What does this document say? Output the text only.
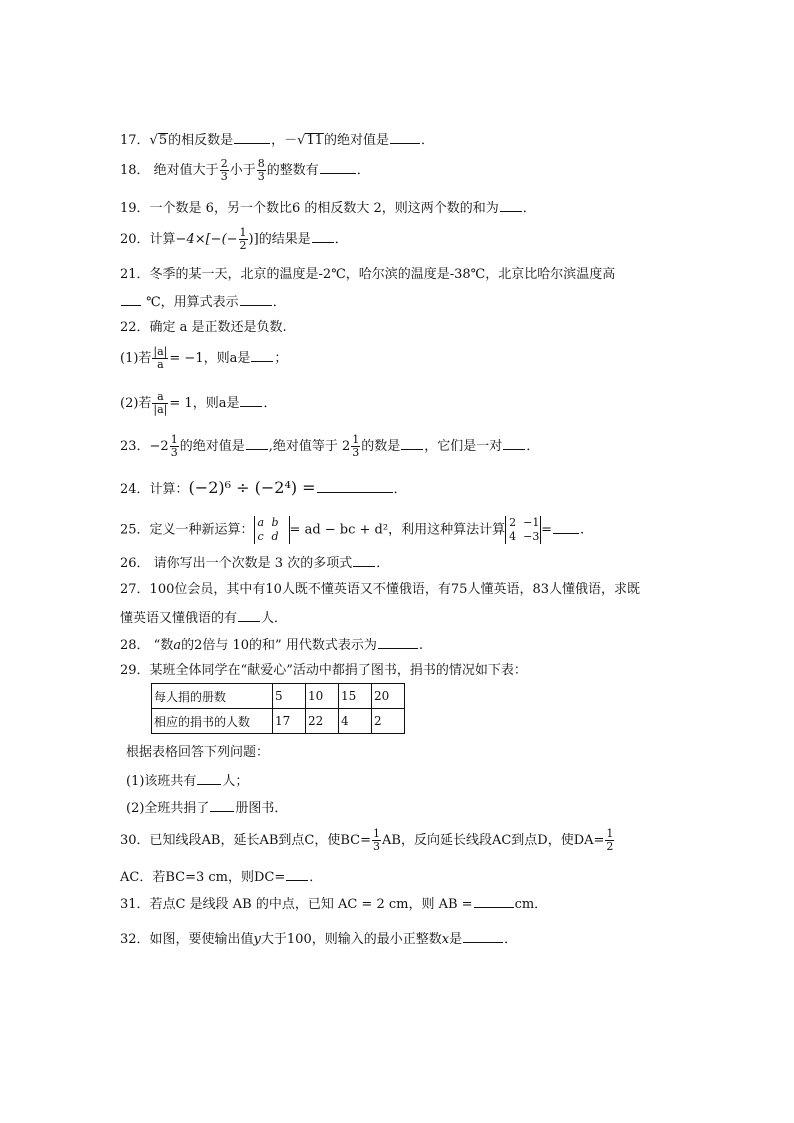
17．√5的相反数是	，－√11的绝对值是 ．
18． 绝对值大于 $\frac{2}{3}$ 小于 $\frac{8}{3}$ 的整数有	．
19．一个数是 6，另一个数比6 的相反数大 2，则这两个数的和为 ．
20．计算$-4\times[-(- \frac{1}{2}$ )]的结果是 ．
21．冬季的某一天，北京的温度是-2℃，哈尔滨的温度是-38℃，北京比哈尔滨温度高
℃，用算式表示	．
22．确定 a 是正数还是负数.
(1)若 $\frac{|a|}{a} = -1$，则a是 ；
(2)若 $\frac{a}{|a|} = 1$，则a是 ．
23．$-2 \frac{1}{3}$ 的绝对值是 ,绝对值等于 $2 \frac{1}{3}$ 的数是 ，它们是一对 ．
24．计算：(−2)⁶ ÷ (−2⁴) =	．
25．定义一种新运算： a b
c d = ad − bc + d²，利用这种算法计算 2 −1
4 −3 = .
26． 请你写出一个次数是 3 次的多项式 ．
27．100位会员，其中有10人既不懂英语又不懂俄语，有75人懂英语，83人懂俄语，求既
懂英语又懂俄语的有 人．
28． “数a的2倍与 10的和” 用代数式表示为	.
29．某班全体同学在“献爱心”活动中都捐了图书，捐书的情况如下表：
每人捐的册数	5	10	15	20
相应的捐书的人数	17	22	4	2
根据表格回答下列问题：
(1)该班共有 人；
(2)全班共捐了 册图书．
30．已知线段AB，延长AB到点C，使$BC= \frac{1}{3}$ AB，反向延长线段AC到点D，使$DA= \frac{1}{2}$
AC．若BC=3 cm，则DC= ．
31．若点C 是线段 AB 的中点，已知 AC = 2 cm，则 AB =	cm．
32．如图，要使输出值y大于100，则输入的最小正整数x是	．
